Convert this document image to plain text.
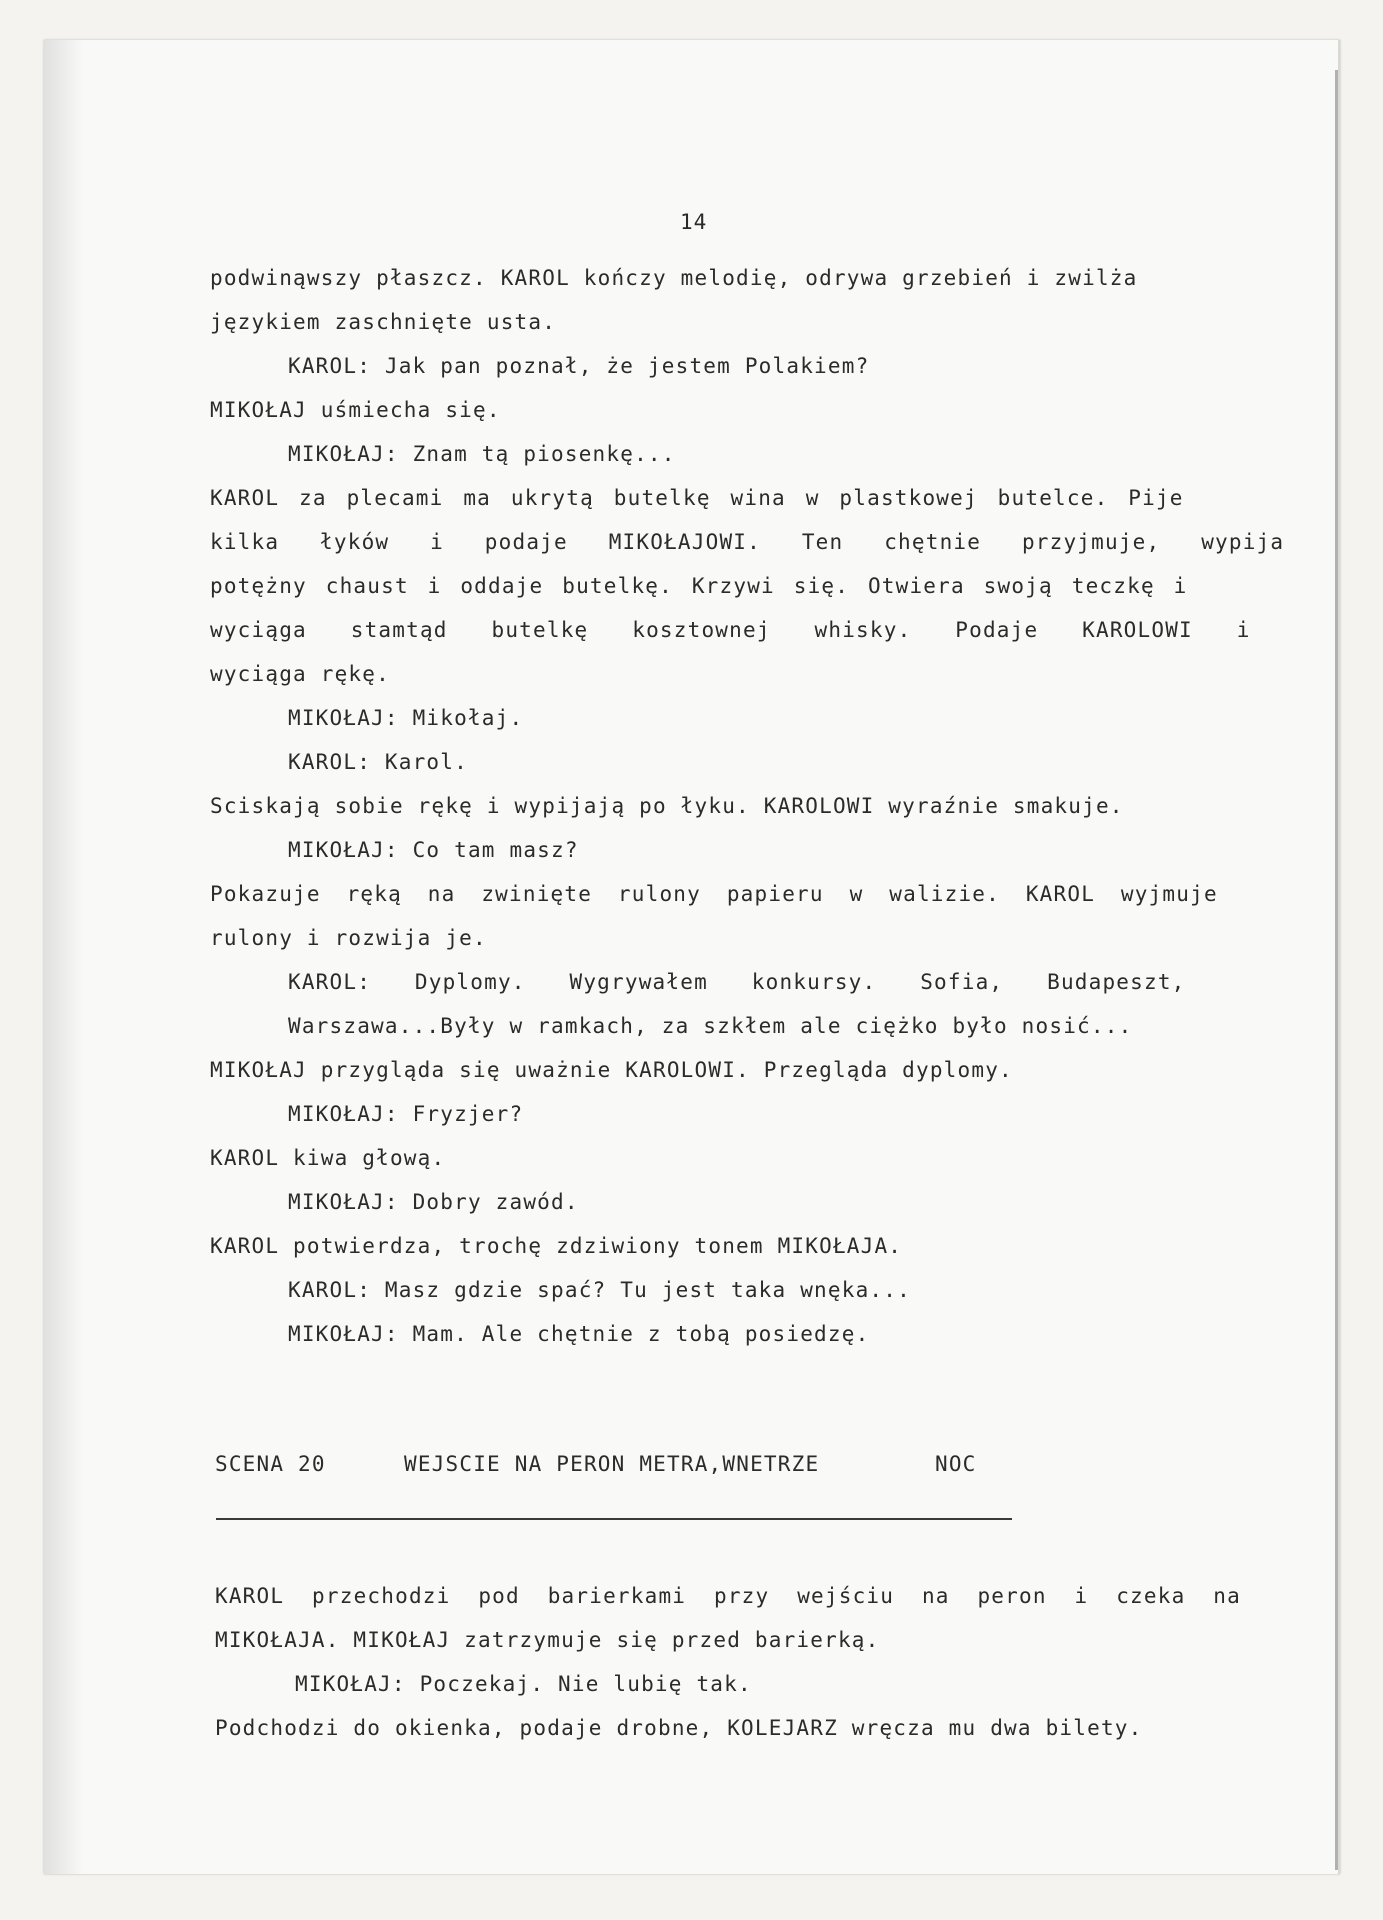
14
podwinąwszy płaszcz. KAROL kończy melodię, odrywa grzebień i zwilża
językiem zaschnięte usta.
KAROL: Jak pan poznał, że jestem Polakiem?
MIKOŁAJ uśmiecha się.
MIKOŁAJ: Znam tą piosenkę...
KAROL za plecami ma ukrytą butelkę wina w plastkowej butelce. Pije
kilka łyków i podaje MIKOŁAJOWI. Ten chętnie przyjmuje, wypija
potężny chaust i oddaje butelkę. Krzywi się. Otwiera swoją teczkę i
wyciąga stamtąd butelkę kosztownej whisky. Podaje KAROLOWI i
wyciąga rękę.
MIKOŁAJ: Mikołaj.
KAROL: Karol.
Sciskają sobie rękę i wypijają po łyku. KAROLOWI wyraźnie smakuje.
MIKOŁAJ: Co tam masz?
Pokazuje ręką na zwinięte rulony papieru w walizie. KAROL wyjmuje
rulony i rozwija je.
KAROL: Dyplomy. Wygrywałem konkursy. Sofia, Budapeszt,
Warszawa...Były w ramkach, za szkłem ale ciężko było nosić...
MIKOŁAJ przygląda się uważnie KAROLOWI. Przegląda dyplomy.
MIKOŁAJ: Fryzjer?
KAROL kiwa głową.
MIKOŁAJ: Dobry zawód.
KAROL potwierdza, trochę zdziwiony tonem MIKOŁAJA.
KAROL: Masz gdzie spać? Tu jest taka wnęka...
MIKOŁAJ: Mam. Ale chętnie z tobą posiedzę.
SCENA 20	WEJSCIE NA PERON METRA,WNETRZE	NOC
KAROL przechodzi pod barierkami przy wejściu na peron i czeka na
MIKOŁAJA. MIKOŁAJ zatrzymuje się przed barierką.
MIKOŁAJ: Poczekaj. Nie lubię tak.
Podchodzi do okienka, podaje drobne, KOLEJARZ wręcza mu dwa bilety.
